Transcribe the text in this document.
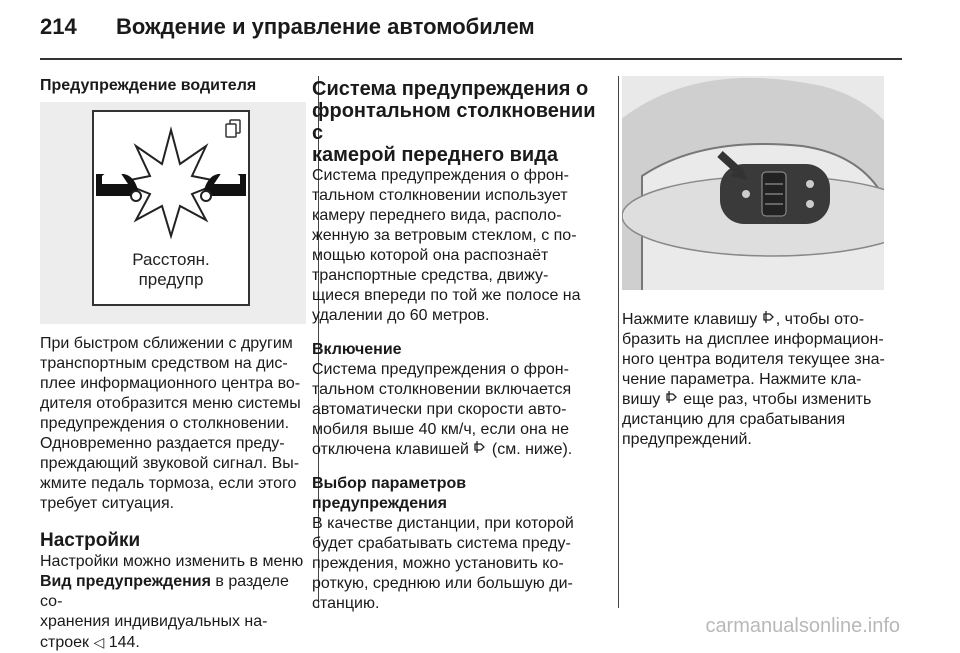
214 Вождение и управление автомобилем

Предупреждение водителя

Расстоян.
предупр

При быстром сближении с другим

транспортным средством на дис-

плее информационного центра во-

дителя отобразится меню системы

предупреждения о столкновении.

Одновременно раздается преду-

преждающий звуковой сигнал. Вы-

жмите педаль тормоза, если этого

требует ситуация.

Настройки

Настройки можно изменить в меню

Вид предупреждения в разделе со-

хранения индивидуальных на-

строек ◁ 144.

Система предупреждения о

фронтальном столкновении с

камерой переднего вида

Система предупреждения о фрон-

тальном столкновении использует

камеру переднего вида, располо-

женную за ветровым стеклом, с по-

мощью которой она распознаёт

транспортные средства, движу-

щиеся впереди по той же полосе на

удалении до 60 метров.

Включение

Система предупреждения о фрон-

тальном столкновении включается

автоматически при скорости авто-

мобиля выше 40 км/ч, если она не

отключена клавишей  (см. ниже).

Выбор параметров

предупреждения

В качестве дистанции, при которой

будет срабатывать система преду-

преждения, можно установить ко-

роткую, среднюю или большую ди-

станцию.

Нажмите клавишу , чтобы ото-

бразить на дисплее информацион-

ного центра водителя текущее зна-

чение параметра. Нажмите кла-

вишу  еще раз, чтобы изменить

дистанцию для срабатывания

предупреждений.

carmanualsonline.info
